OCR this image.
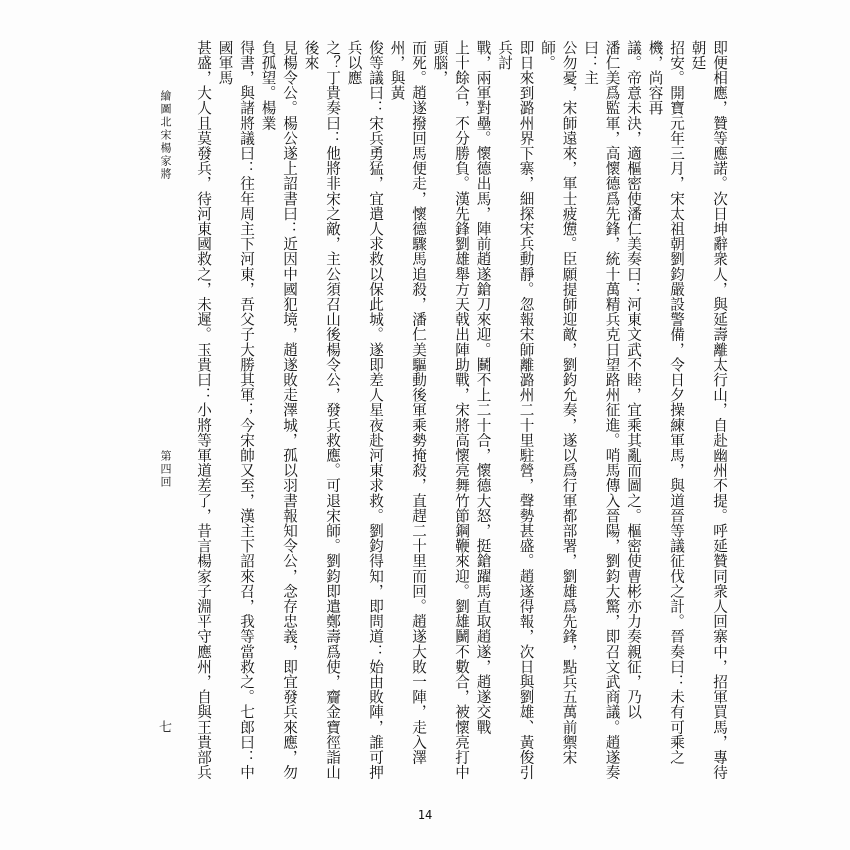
即便相應，贊等應諾。次日坤辭衆人，與延壽離太行山，自赴幽州不提。呼延贊同衆人回寨中，招軍買馬，專待朝廷

招安。開寶元年三月，宋太祖朝劉鈞嚴設警備，令日夕操練軍馬，與道晉等議征伐之計。晉奏曰：未有可乘之機，尚容再

議。帝意未決，適樞密使潘仁美奏曰：河東文武不睦，宜乘其亂而圖之。樞密使曹彬亦力奏親征，乃以

潘仁美爲監軍，高懷德爲先鋒，統十萬精兵克日望路州征進。哨馬傳入晉陽，劉鈞大驚，即召文武商議。趙遂奏曰：主

公勿憂，宋師遠來，軍士疲憊。臣願提師迎敵，劉鈞允奏，遂以爲行軍都部署，劉雄爲先鋒，點兵五萬前禦宋師。

即日來到潞州界下寨，細探宋兵動靜。忽報宋師離潞州二十里駐營，聲勢甚盛。趙遂得報，次日與劉雄、黃俊引兵討

戰，兩軍對壘。懷德出馬，陣前趙遂鎗刀來迎。鬭不上二十合，懷德大怒，挺鎗躍馬直取趙遂，趙遂交戰

上十餘合，不分勝負。漢先鋒劉雄舉方天戟出陣助戰，宋將高懷亮舞竹節鋼鞭來迎。劉雄鬭不數合，被懷亮打中頭腦，

而死。趙遂撥回馬便走，懷德驟馬追殺，潘仁美驅動後軍乘勢掩殺，直趕二十里而回。趙遂大敗一陣，走入澤州，與黃

俊等議曰：宋兵勇猛，宜遣人求救以保此城。遂即差人星夜赴河東求救。劉鈞得知，即問道：始由敗陣，誰可押兵以應

之？丁貴奏曰：他將非宋之敵，主公須召山後楊令公，發兵救應。可退宋師。劉鈞即遣鄭壽爲使，齎金寶徑詣山後來

見楊令公。楊公遂上詔書曰：近因中國犯境，趙遂敗走澤城，孤以羽書報知令公，念存忠義，即宜發兵來應，勿負孤望。楊業

得書，與諸將議曰：往年周主下河東，吾父子大勝其軍；今宋帥又至，漢主下詔來召，我等當救之。七郎曰：中國軍馬

甚盛，大人且莫發兵，待河東國救之，未遲。玉貴曰：小將等軍道差了，昔言楊家子淵平守應州，自與王貴部兵

繪圖北宋楊家將
第四回
七
14
